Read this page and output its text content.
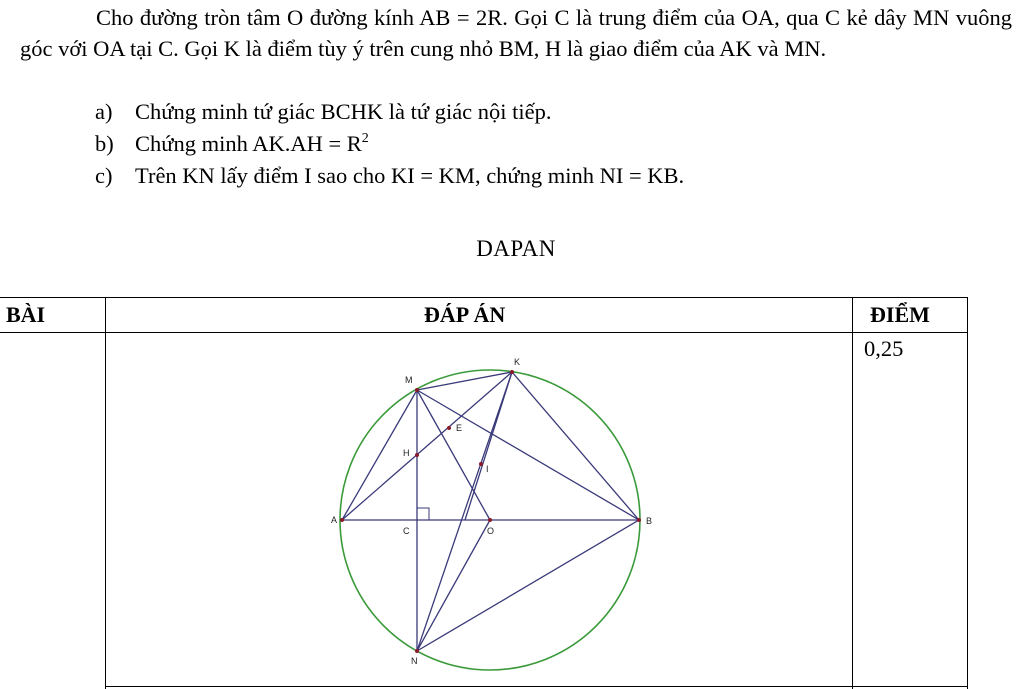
Cho đường tròn tâm O đường kính AB = 2R. Gọi C là trung điểm của OA, qua C kẻ dây MN vuông góc với OA tại C. Gọi K là điểm tùy ý trên cung nhỏ BM, H là giao điểm của AK và MN.

a) Chứng minh tứ giác BCHK là tứ giác nội tiếp.
b) Chứng minh $AK.AH = R^2$
c) Trên KN lấy điểm I sao cho KI = KM, chứng minh NI = KB.
DAPAN
BÀI	ĐÁP ÁN	ĐIỂM
0,25
M
K
E
H
I
A
C	O
B
N
